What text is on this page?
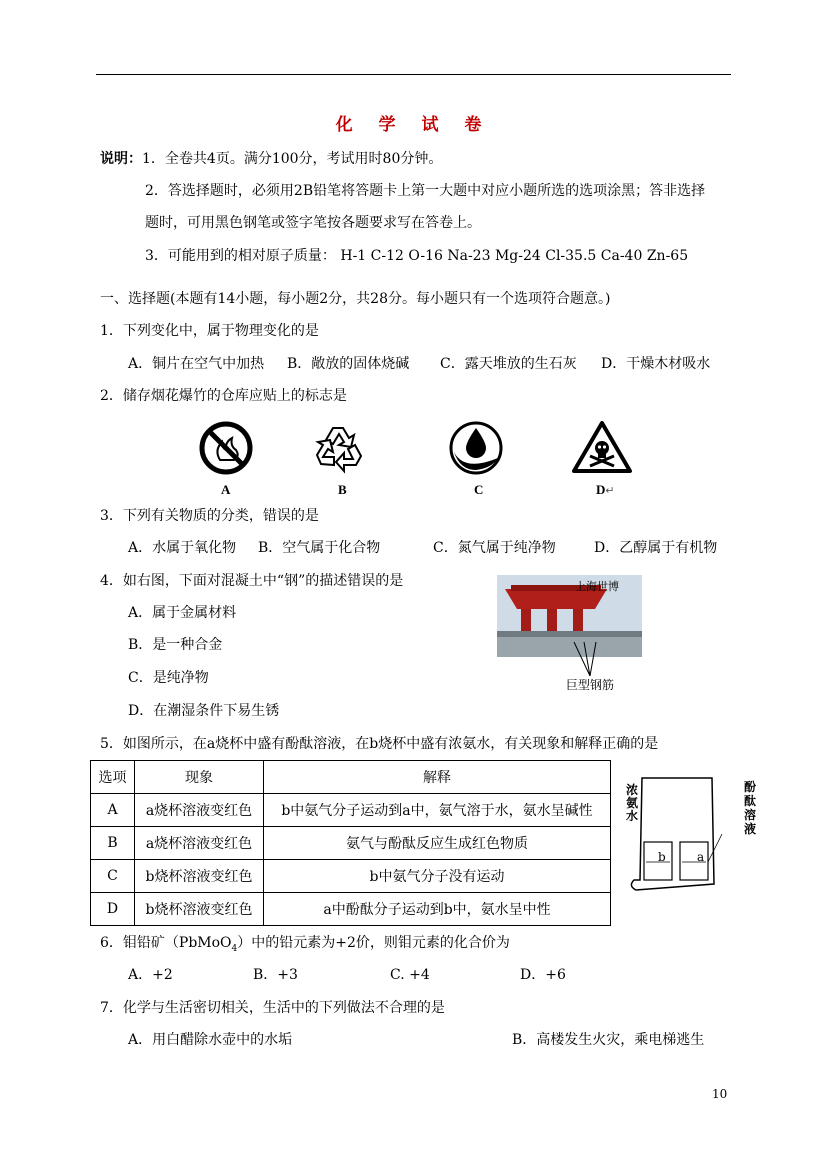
化 学 试 卷
说明：1．全卷共4页。满分100分，考试用时80分钟。
2．答选择题时，必须用2B铅笔将答题卡上第一大题中对应小题所选的选项涂黑；答非选择
题时，可用黑色钢笔或签字笔按各题要求写在答卷上。
3．可能用到的相对原子质量： H-1 C-12 O-16 Na-23 Mg-24 Cl-35.5 Ca-40 Zn-65
一、选择题(本题有14小题，每小题2分，共28分。每小题只有一个选项符合题意。)
1．下列变化中，属于物理变化的是
A．铜片在空气中加热 B．敞放的固体烧碱 C．露天堆放的生石灰 D．干燥木材吸水
2．储存烟花爆竹的仓库应贴上的标志是
A	B	C	D↵
3．下列有关物质的分类，错误的是
A．水属于氧化物 B．空气属于化合物	C．氮气属于纯净物	D．乙醇属于有机物
4．如右图，下面对混凝土中“钢”的描述错误的是
A．属于金属材料
B．是一种合金
C．是纯净物
D．在潮湿条件下易生锈
上海世博
巨型钢筋
5．如图所示，在a烧杯中盛有酚酞溶液，在b烧杯中盛有浓氨水，有关现象和解释正确的是
选项	现象	解释
A	a烧杯溶液变红色	b中氨气分子运动到a中，氨气溶于水，氨水呈碱性
B	a烧杯溶液变红色	氨气与酚酞反应生成红色物质
C	b烧杯溶液变红色	b中氨气分子没有运动
D	b烧杯溶液变红色	a中酚酞分子运动到b中，氨水呈中性
浓氨水
酚酞溶液
b	a
6．钼铅矿（PbMoO$_4$）中的铅元素为+2价，则钼元素的化合价为
A．+2	B．+3	C. +4	D．+6
7．化学与生活密切相关，生活中的下列做法不合理的是
A．用白醋除水壶中的水垢	B．高楼发生火灾，乘电梯逃生
10
